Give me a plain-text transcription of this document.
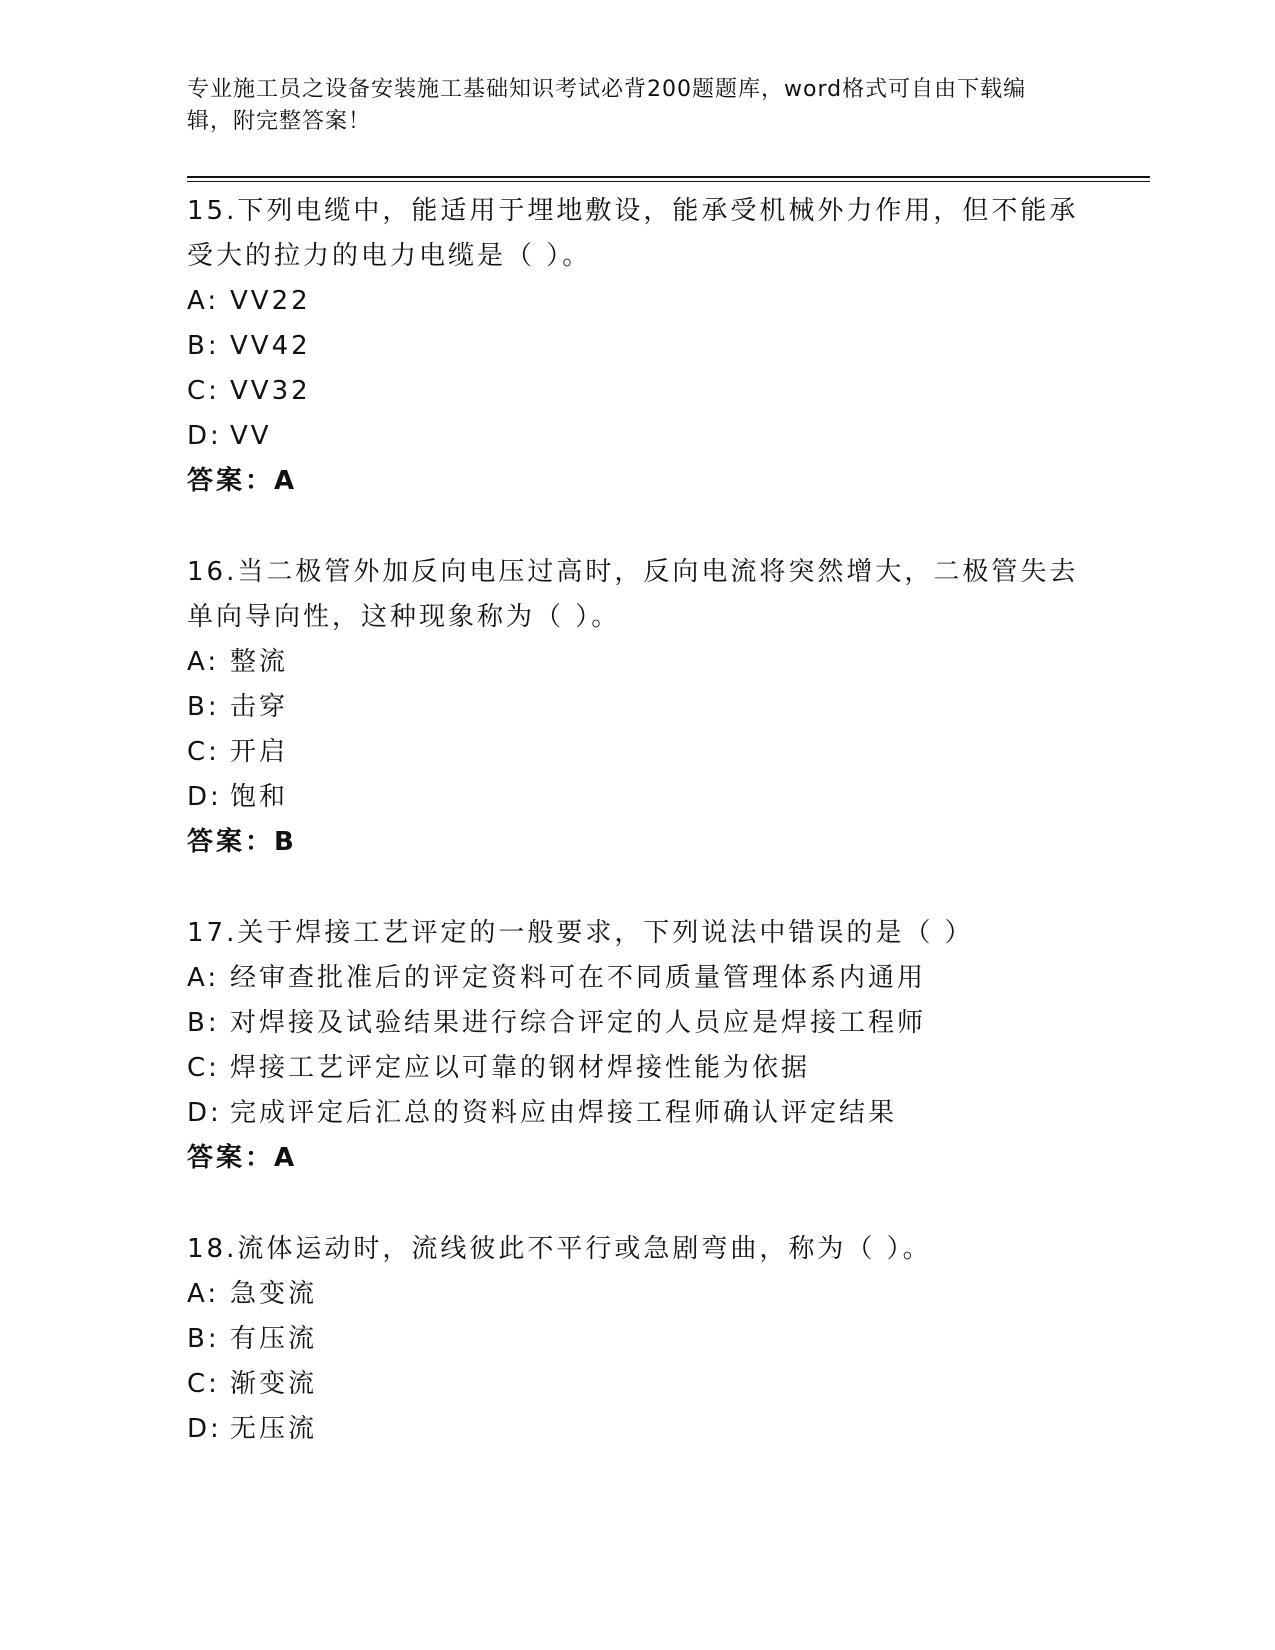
专业施工员之设备安装施工基础知识考试必背200题题库，word格式可自由下载编辑，附完整答案！
15.下列电缆中，能适用于埋地敷设，能承受机械外力作用，但不能承受大的拉力的电力电缆是（ ）。
A: VV22
B: VV42
C: VV32
D: VV
答案：A
16.当二极管外加反向电压过高时，反向电流将突然增大，二极管失去单向导向性，这种现象称为（ ）。
A: 整流
B: 击穿
C: 开启
D: 饱和
答案：B
17.关于焊接工艺评定的一般要求，下列说法中错误的是（ ）
A: 经审查批准后的评定资料可在不同质量管理体系内通用
B: 对焊接及试验结果进行综合评定的人员应是焊接工程师
C: 焊接工艺评定应以可靠的钢材焊接性能为依据
D: 完成评定后汇总的资料应由焊接工程师确认评定结果
答案：A
18.流体运动时，流线彼此不平行或急剧弯曲，称为（ ）。
A: 急变流
B: 有压流
C: 渐变流
D: 无压流
